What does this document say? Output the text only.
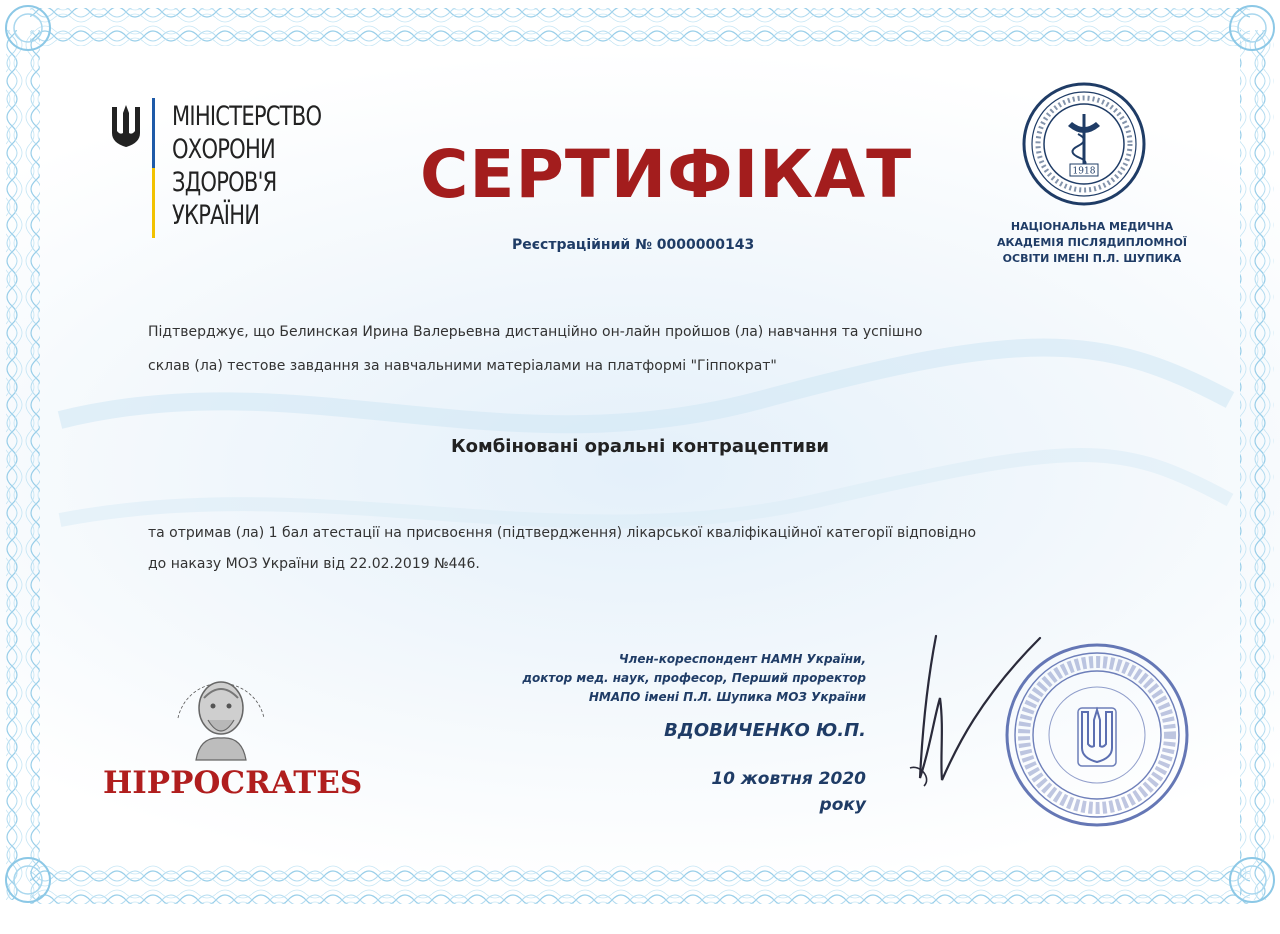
МІНІСТЕРСТВО
ОХОРОНИ
ЗДОРОВ'Я
УКРАЇНИ
СЕРТИФІКАТ
Реєстраційний № 0000000143
1918
НАЦІОНАЛЬНА МЕДИЧНА
АКАДЕМІЯ ПІСЛЯДИПЛОМНОЇ
ОСВІТИ ІМЕНІ П.Л. ШУПИКА
Підтверджує, що Белинская Ирина Валерьевна дистанційно он-лайн пройшов (ла) навчання та успішно
склав (ла) тестове завдання за навчальними матеріалами на платформі "Гіппократ"
Комбіновані оральні контрацептиви
та отримав (ла) 1 бал атестації на присвоєння (підтвердження) лікарської кваліфікаційної категорії відповідно
до наказу МОЗ України від 22.02.2019 №446.
HIPPOCRATES
Член-кореспондент НАМН України,
доктор мед. наук, професор, Перший проректор
НМАПО імені П.Л. Шупика МОЗ України
ВДОВИЧЕНКО Ю.П.
10 жовтня 2020
року
